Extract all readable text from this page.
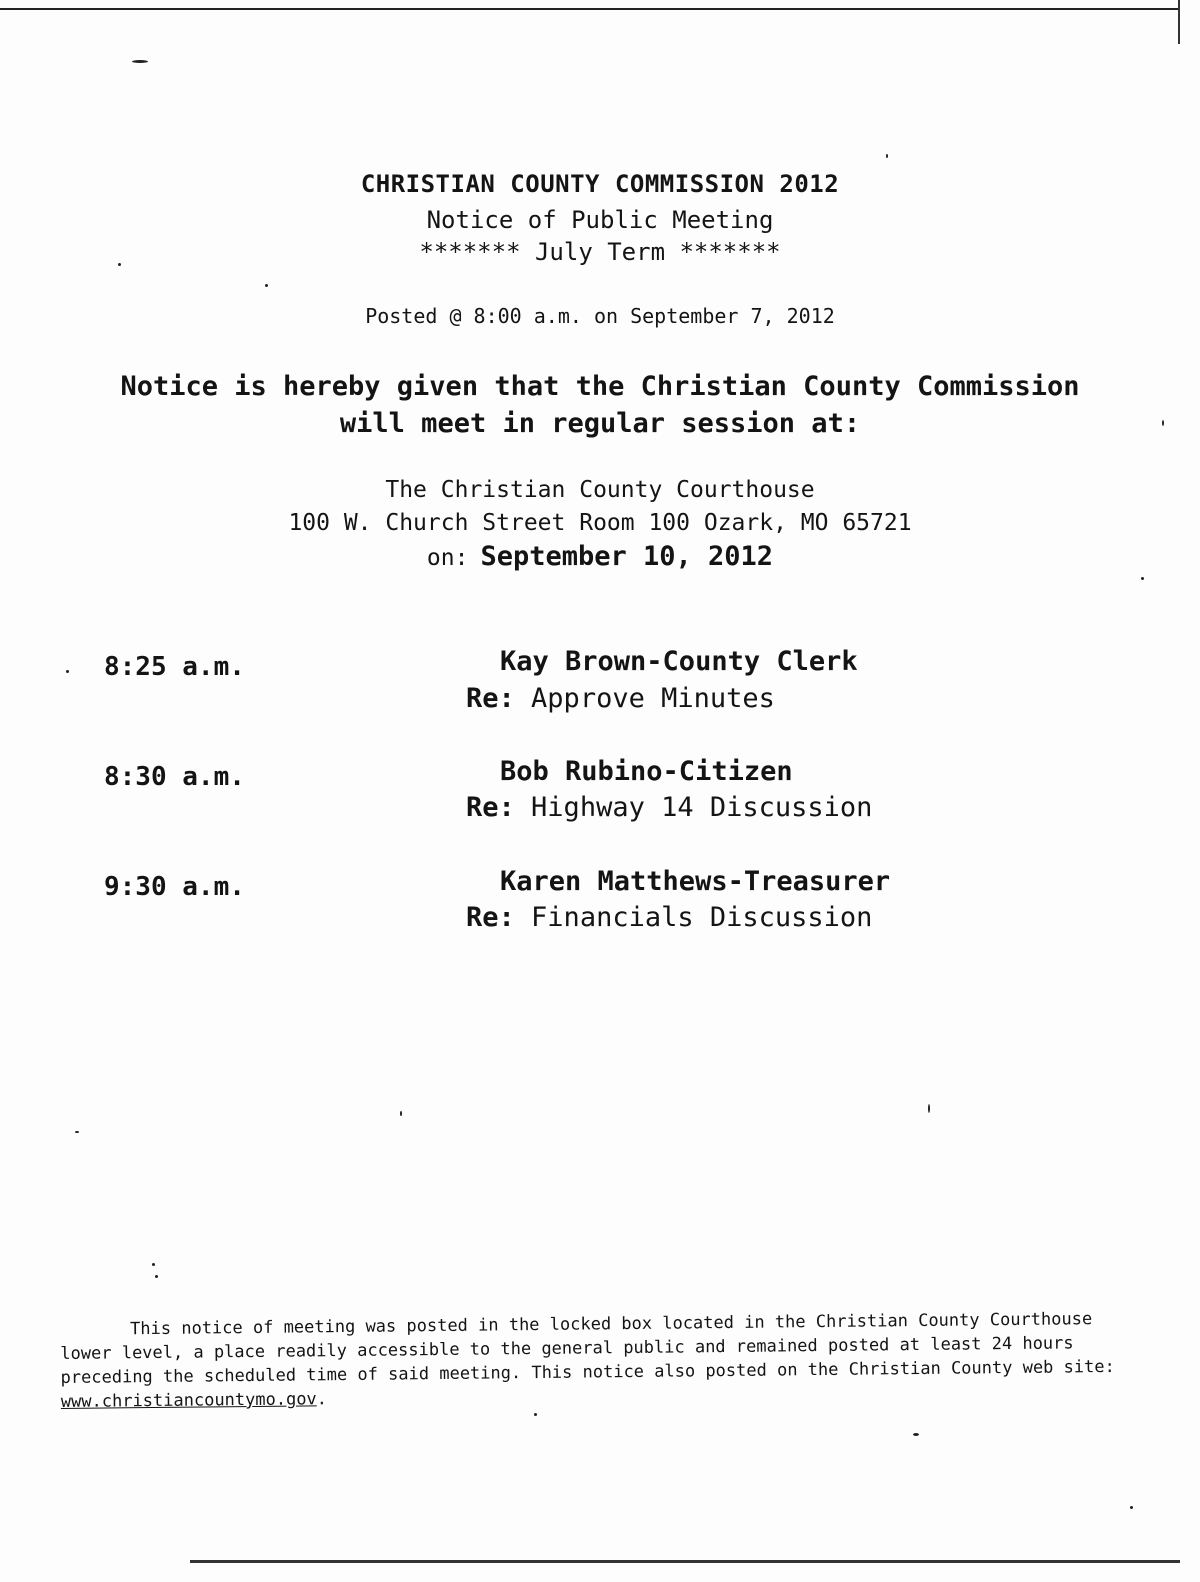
CHRISTIAN COUNTY COMMISSION 2012
Notice of Public Meeting
******* July Term *******
Posted @ 8:00 a.m. on September 7, 2012
Notice is hereby given that the Christian County Commission
will meet in regular session at:
The Christian County Courthouse
100 W. Church Street Room 100 Ozark, MO 65721
on: September 10, 2012
8:25 a.m.	Kay Brown-County Clerk
Re: Approve Minutes
8:30 a.m.	Bob Rubino-Citizen
Re: Highway 14 Discussion
9:30 a.m.	Karen Matthews-Treasurer
Re: Financials Discussion
This notice of meeting was posted in the locked box located in the Christian County Courthouse lower level, a place readily accessible to the general public and remained posted at least 24 hours preceding the scheduled time of said meeting. This notice also posted on the Christian County web site: www.christiancountymo.gov.
